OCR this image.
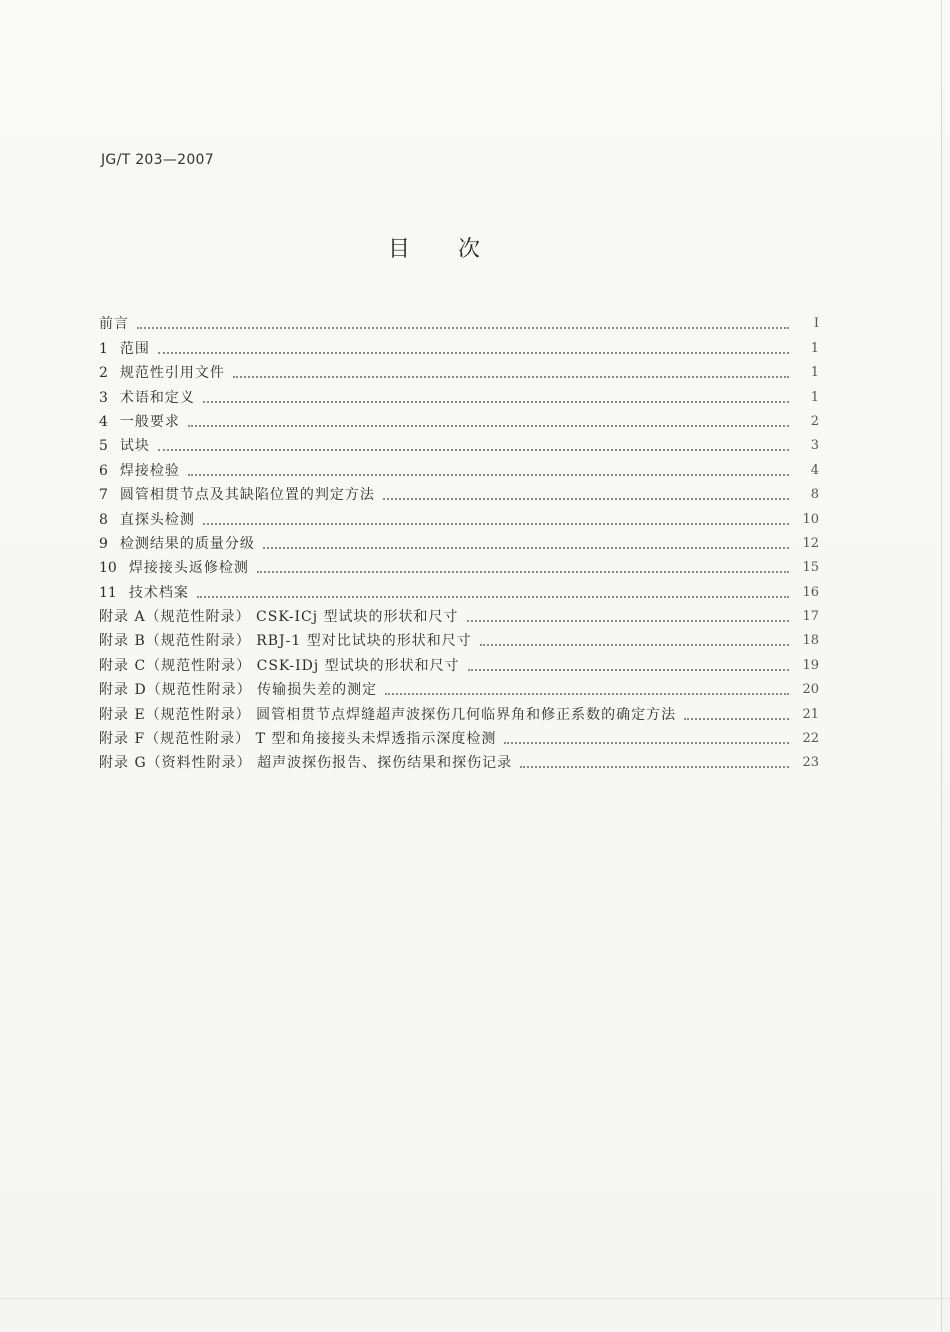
JG/T 203—2007
目次
前言	I
1 范围	1
2 规范性引用文件	1
3 术语和定义	1
4 一般要求	2
5 试块	3
6 焊接检验	4
7 圆管相贯节点及其缺陷位置的判定方法	8
8 直探头检测	10
9 检测结果的质量分级	12
10 焊接接头返修检测	15
11 技术档案	16
附录 A（规范性附录） CSK-ⅠCj 型试块的形状和尺寸	17
附录 B（规范性附录） RBJ-1 型对比试块的形状和尺寸	18
附录 C（规范性附录） CSK-ⅠDj 型试块的形状和尺寸	19
附录 D（规范性附录） 传输损失差的测定	20
附录 E（规范性附录） 圆管相贯节点焊缝超声波探伤几何临界角和修正系数的确定方法	21
附录 F（规范性附录） T 型和角接接头未焊透指示深度检测	22
附录 G（资料性附录） 超声波探伤报告、探伤结果和探伤记录	23
